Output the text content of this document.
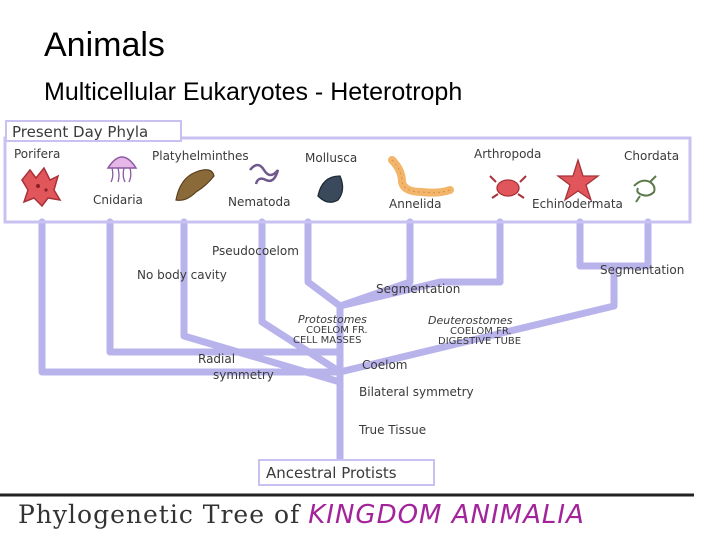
Animals
Multicellular Eukaryotes - Heterotroph
Present Day Phyla
Porifera	Platyhelminthes	Mollusca	Arthropoda	Chordata
Cnidaria	Nematoda	Annelida	Echinodermata
Pseudocoelom
No body cavity	Segmentation
Segmentation
Protostomes
COELOM FR.
CELL MASSES
Deuterostomes
COELOM FR.
DIGESTIVE TUBE
Radial
symmetry
Coelom
Bilateral symmetry
True Tissue
Ancestral Protists
Phylogenetic Tree of KINGDOM ANIMALIA
